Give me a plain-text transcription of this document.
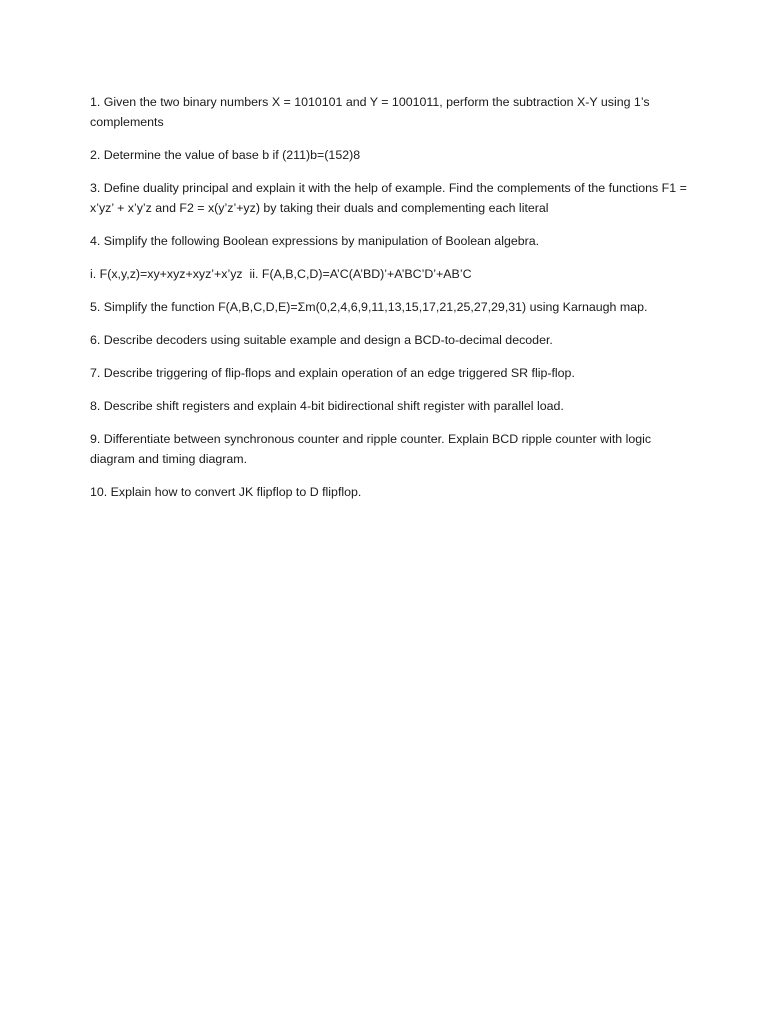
1. Given the two binary numbers X = 1010101 and Y = 1001011, perform the subtraction X-Y using 1’s complements

2. Determine the value of base b if (211)b=(152)8

3. Define duality principal and explain it with the help of example. Find the complements of the functions F1 = x’yz’ + x’y’z and F2 = x(y’z’+yz) by taking their duals and complementing each literal

4. Simplify the following Boolean expressions by manipulation of Boolean algebra.

i. F(x,y,z)=xy+xyz+xyz’+x’yz  ii. F(A,B,C,D)=A’C(A’BD)’+A’BC’D’+AB’C

5. Simplify the function F(A,B,C,D,E)=Σm(0,2,4,6,9,11,13,15,17,21,25,27,29,31) using Karnaugh map.

6. Describe decoders using suitable example and design a BCD-to-decimal decoder.

7. Describe triggering of flip-flops and explain operation of an edge triggered SR flip-flop.

8. Describe shift registers and explain 4-bit bidirectional shift register with parallel load.

9. Differentiate between synchronous counter and ripple counter. Explain BCD ripple counter with logic diagram and timing diagram.

10. Explain how to convert JK flipflop to D flipflop.
